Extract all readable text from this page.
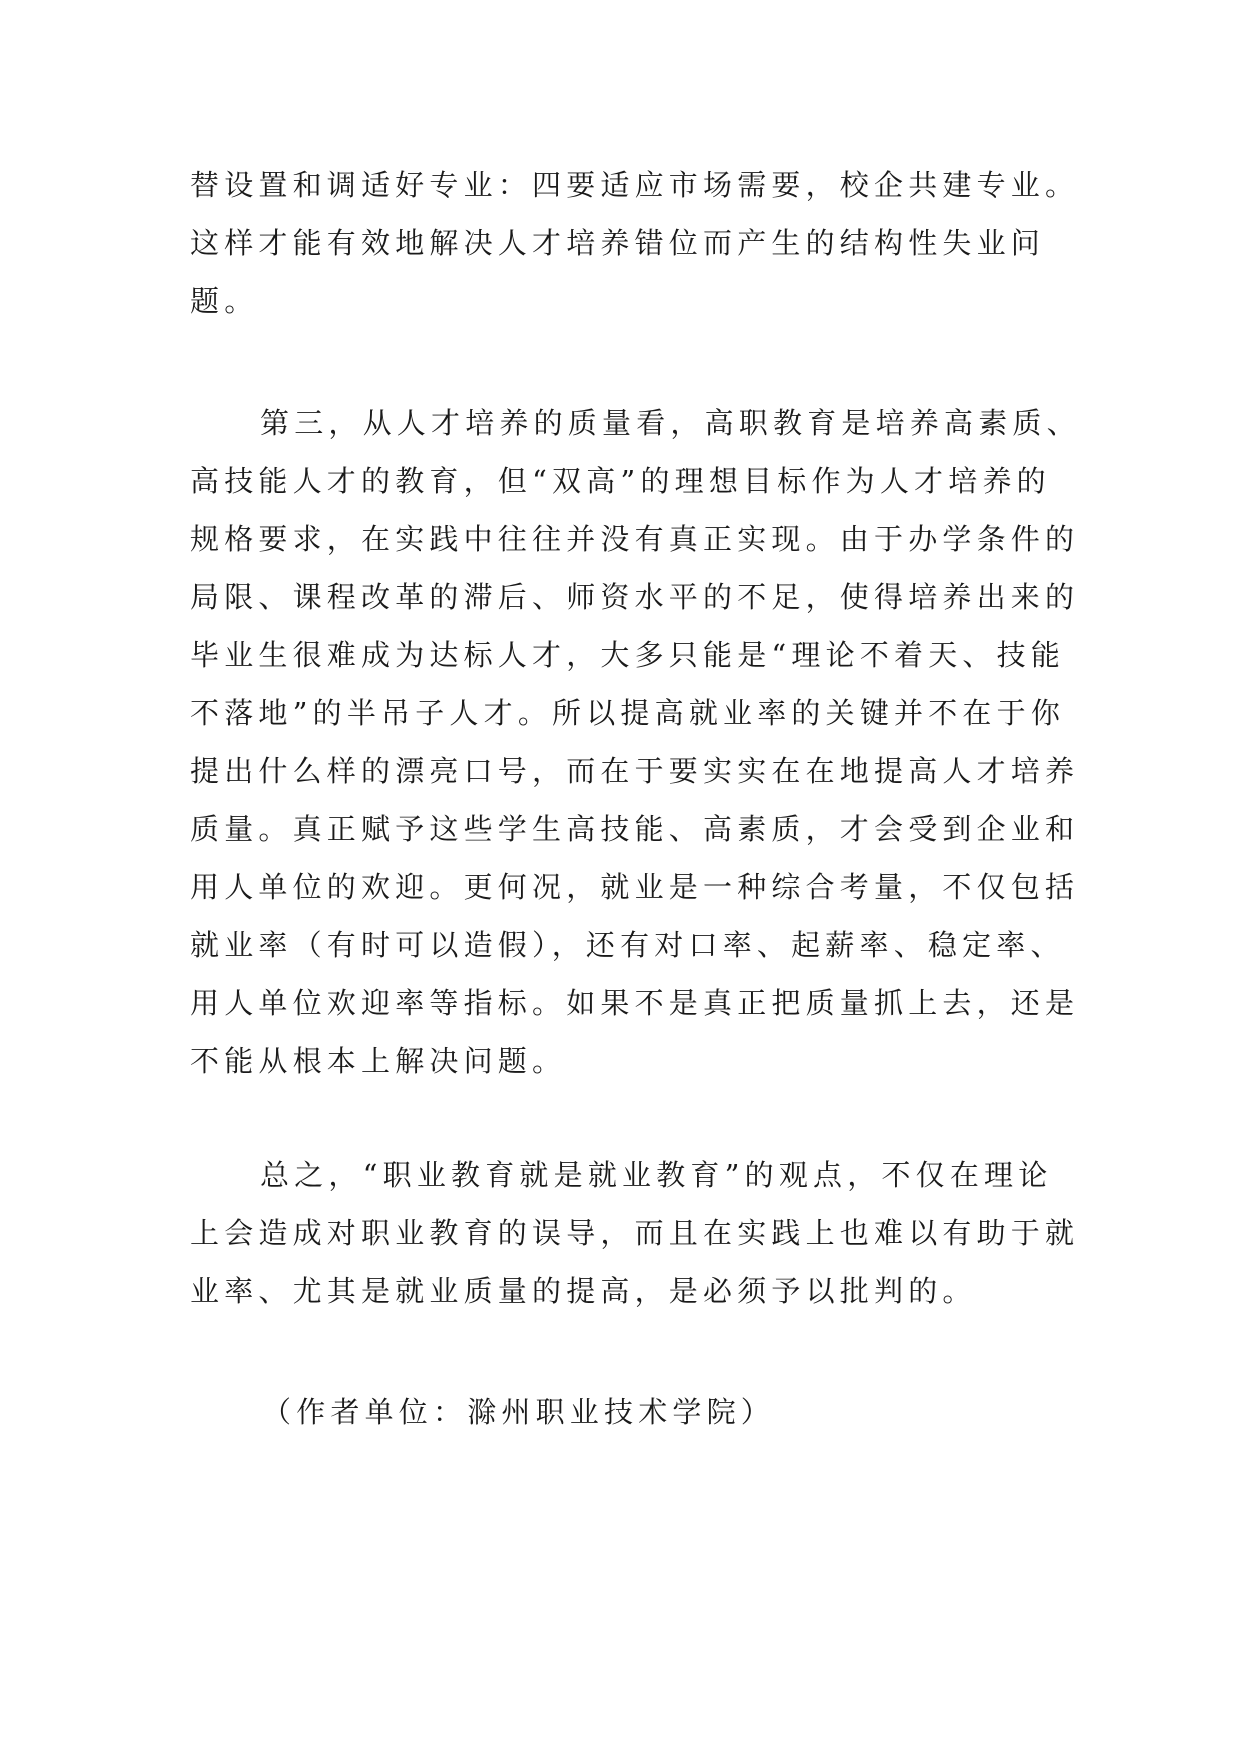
替设置和调适好专业：四要适应市场需要，校企共建专业。
这样才能有效地解决人才培养错位而产生的结构性失业问
题。
第三，从人才培养的质量看，高职教育是培养高素质、
高技能人才的教育，但“双高”的理想目标作为人才培养的
规格要求，在实践中往往并没有真正实现。由于办学条件的
局限、课程改革的滞后、师资水平的不足，使得培养出来的
毕业生很难成为达标人才，大多只能是“理论不着天、技能
不落地”的半吊子人才。所以提高就业率的关键并不在于你
提出什么样的漂亮口号，而在于要实实在在地提高人才培养
质量。真正赋予这些学生高技能、高素质，才会受到企业和
用人单位的欢迎。更何况，就业是一种综合考量，不仅包括
就业率（有时可以造假），还有对口率、起薪率、稳定率、
用人单位欢迎率等指标。如果不是真正把质量抓上去，还是
不能从根本上解决问题。
总之，“职业教育就是就业教育”的观点，不仅在理论
上会造成对职业教育的误导，而且在实践上也难以有助于就
业率、尤其是就业质量的提高，是必须予以批判的。
（作者单位：滁州职业技术学院）
